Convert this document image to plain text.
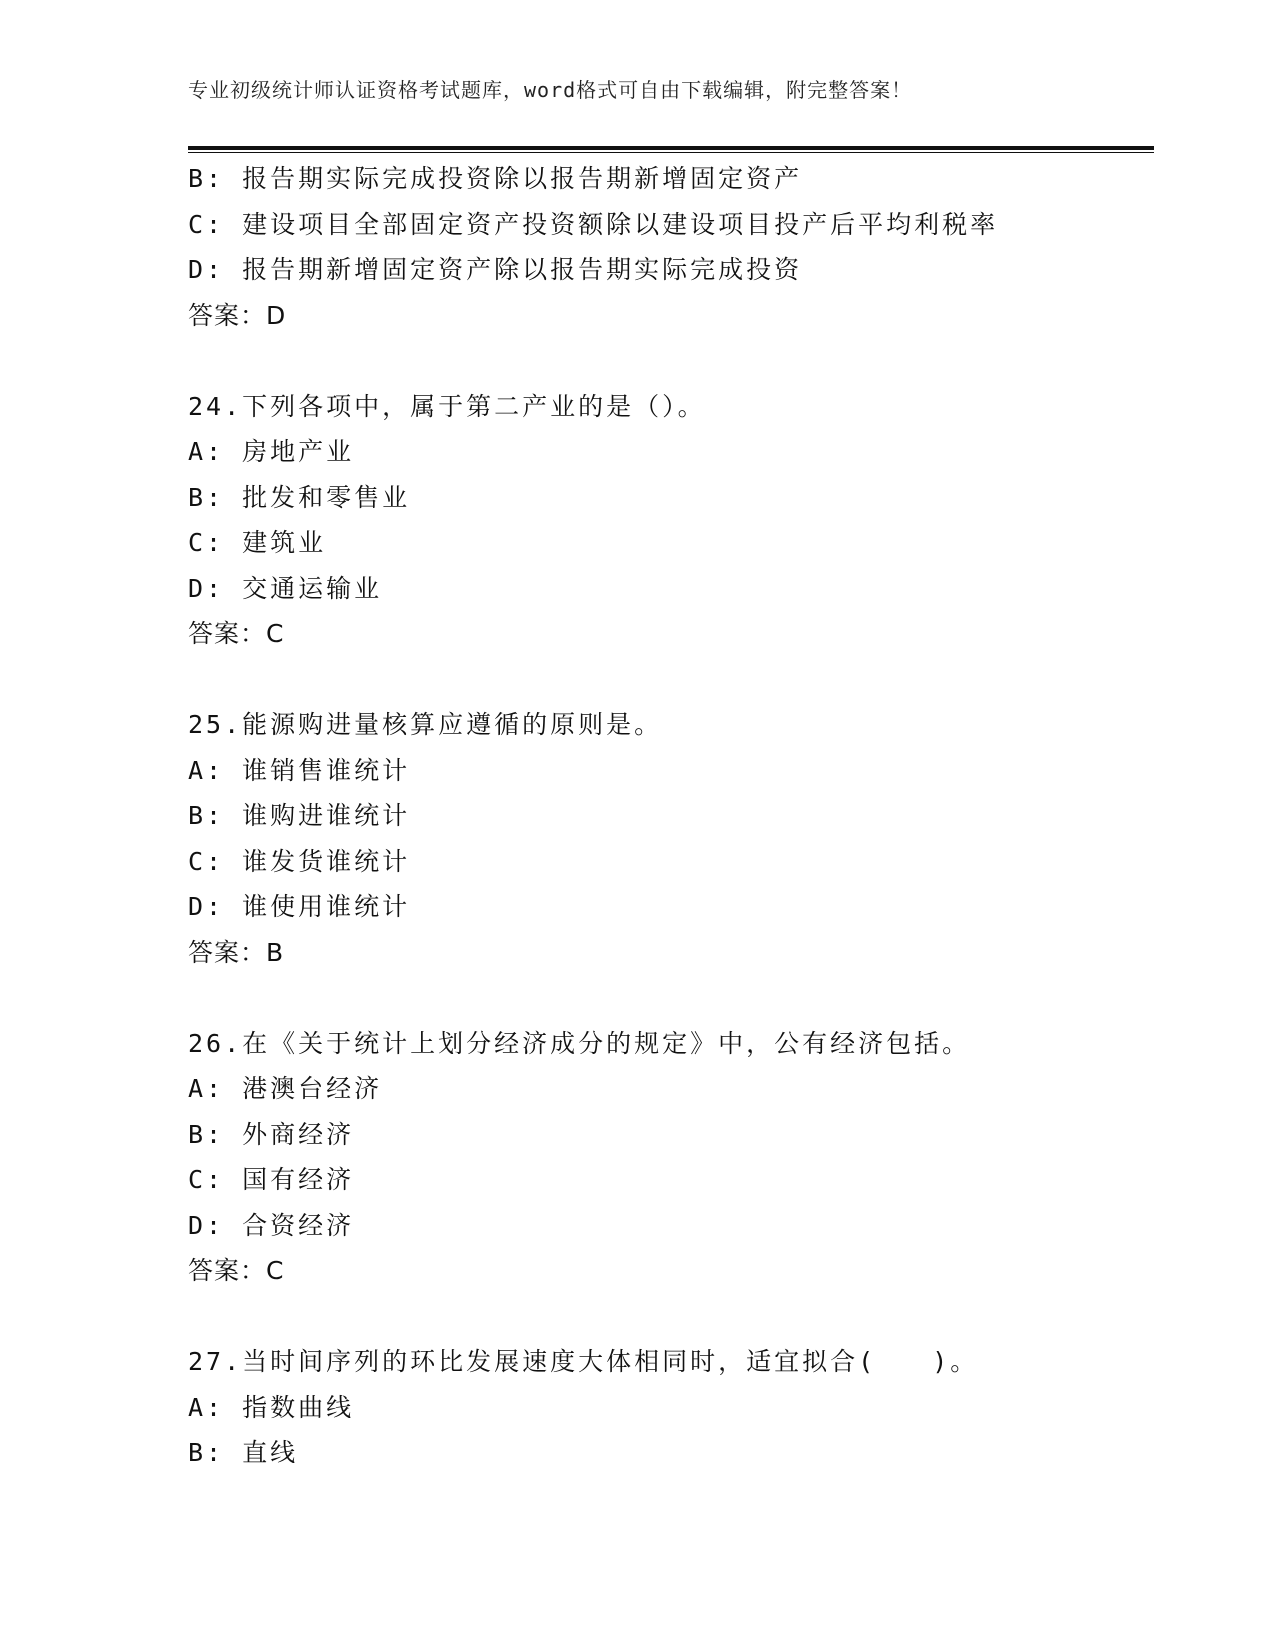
专业初级统计师认证资格考试题库，word格式可自由下载编辑，附完整答案！
B: 报告期实际完成投资除以报告期新增固定资产
C: 建设项目全部固定资产投资额除以建设项目投产后平均利税率
D: 报告期新增固定资产除以报告期实际完成投资
答案：D
24.下列各项中，属于第二产业的是（）。
A: 房地产业
B: 批发和零售业
C: 建筑业
D: 交通运输业
答案：C
25.能源购进量核算应遵循的原则是。
A: 谁销售谁统计
B: 谁购进谁统计
C: 谁发货谁统计
D: 谁使用谁统计
答案：B
26.在《关于统计上划分经济成分的规定》中，公有经济包括。
A: 港澳台经济
B: 外商经济
C: 国有经济
D: 合资经济
答案：C
27.当时间序列的环比发展速度大体相同时，适宜拟合(　　)。
A: 指数曲线
B: 直线
